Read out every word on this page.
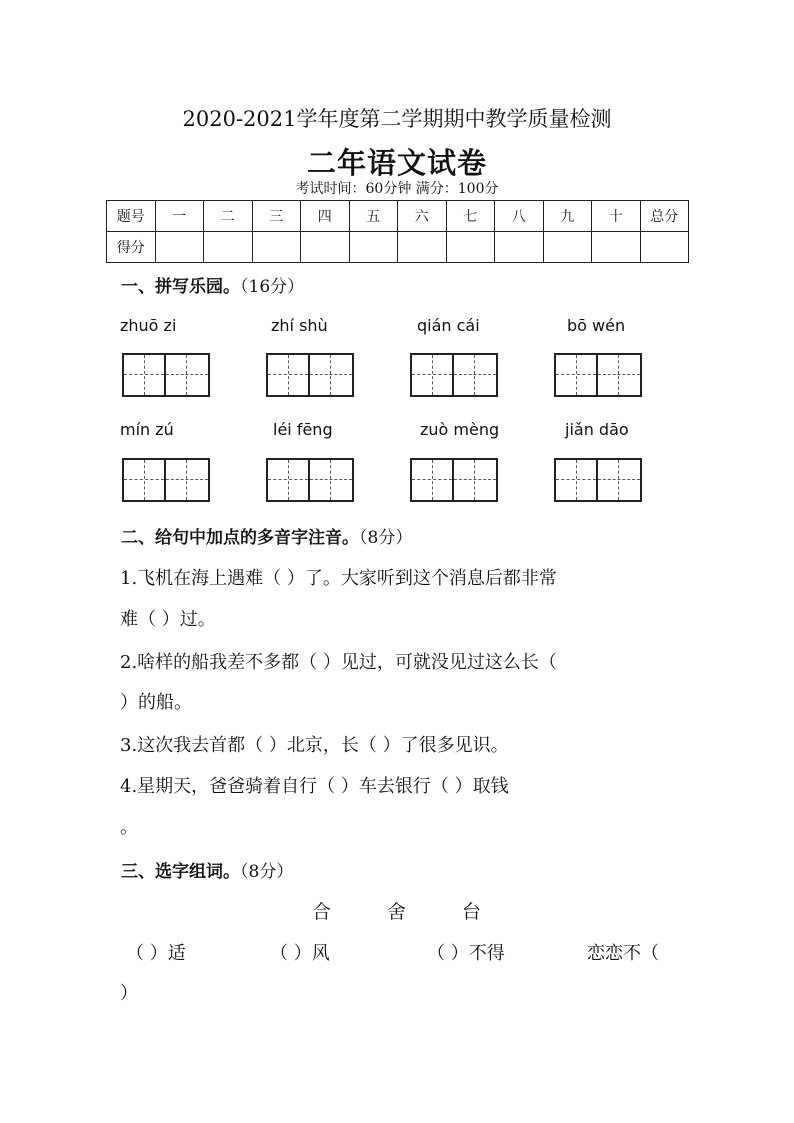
2020-2021学年度第二学期期中教学质量检测
二年语文试卷
考试时间：60分钟 满分：100分
题号	一	二	三	四	五	六	七	八	九	十	总分
得分											
一、拼写乐园。（16分）
zhuō zi	zhí shù	qián cái	bō wén
mín zú	léi fēng	zuò mèng	jiǎn dāo
二、给句中加点的多音字注音。（8分）
1.飞机在海上遇难（ ）了。大家听到这个消息后都非常
难（ ）过。
2.啥样的船我差不多都（ ）见过，可就没见过这么长（
）的船。
3.这次我去首都（ ）北京，长（ ）了很多见识。
4.星期天，爸爸骑着自行（ ）车去银行（ ）取钱
。
三、选字组词。（8分）
合	舍	台
（ ）适	（ ）风	（ ）不得	恋恋不（
）
